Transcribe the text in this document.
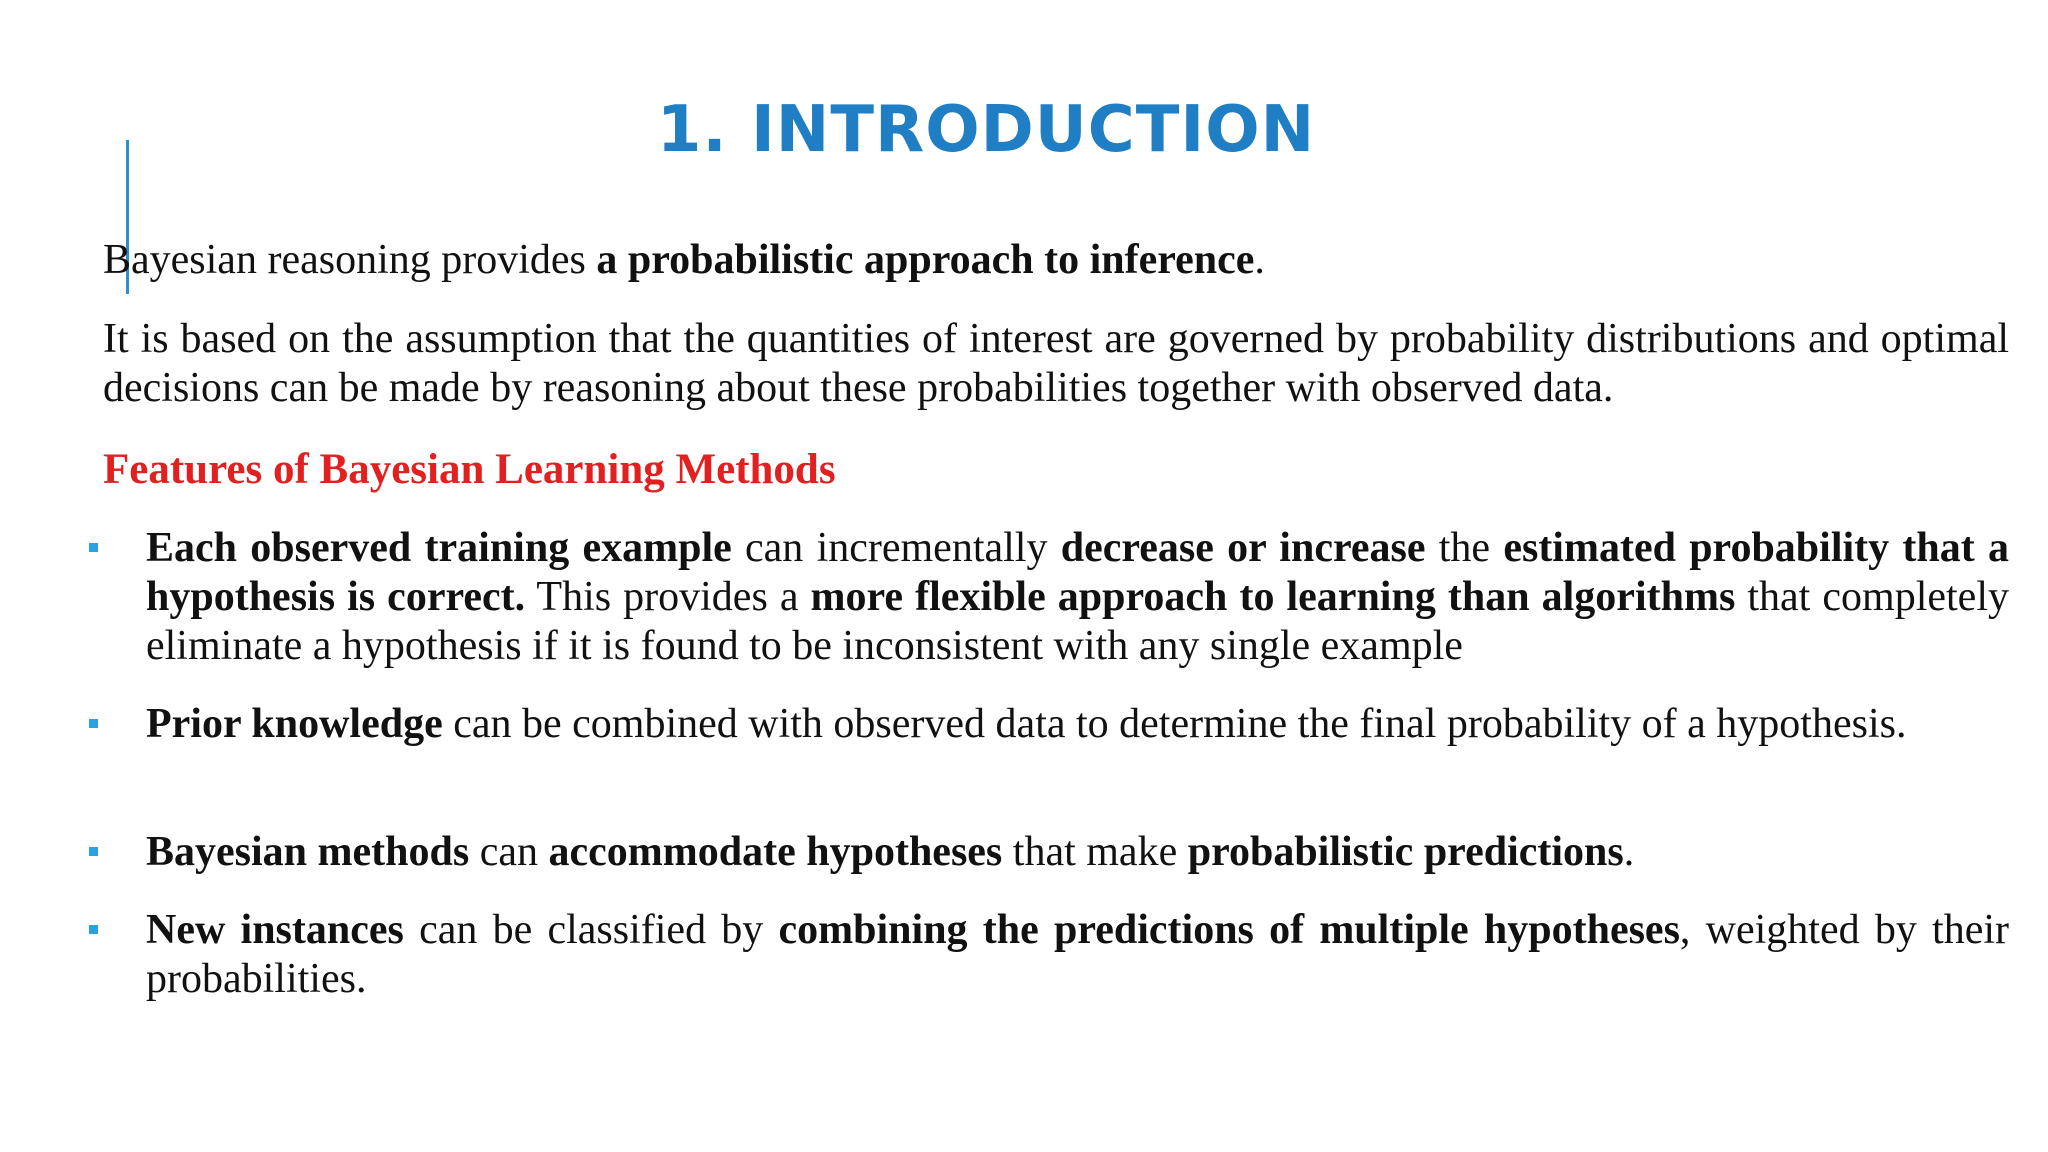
1. INTRODUCTION

Bayesian reasoning provides a probabilistic approach to inference.

It is based on the assumption that the quantities of interest are governed by probability distributions and optimal decisions can be made by reasoning about these probabilities together with observed data.

Features of Bayesian Learning Methods
Each observed training example can incrementally decrease or increase the estimated probability that a hypothesis is correct. This provides a more flexible approach to learning than algorithms that completely eliminate a hypothesis if it is found to be inconsistent with any single example
Prior knowledge can be combined with observed data to determine the final probability of a hypothesis.
Bayesian methods can accommodate hypotheses that make probabilistic predictions.
New instances can be classified by combining the predictions of multiple hypotheses, weighted by their probabilities.
